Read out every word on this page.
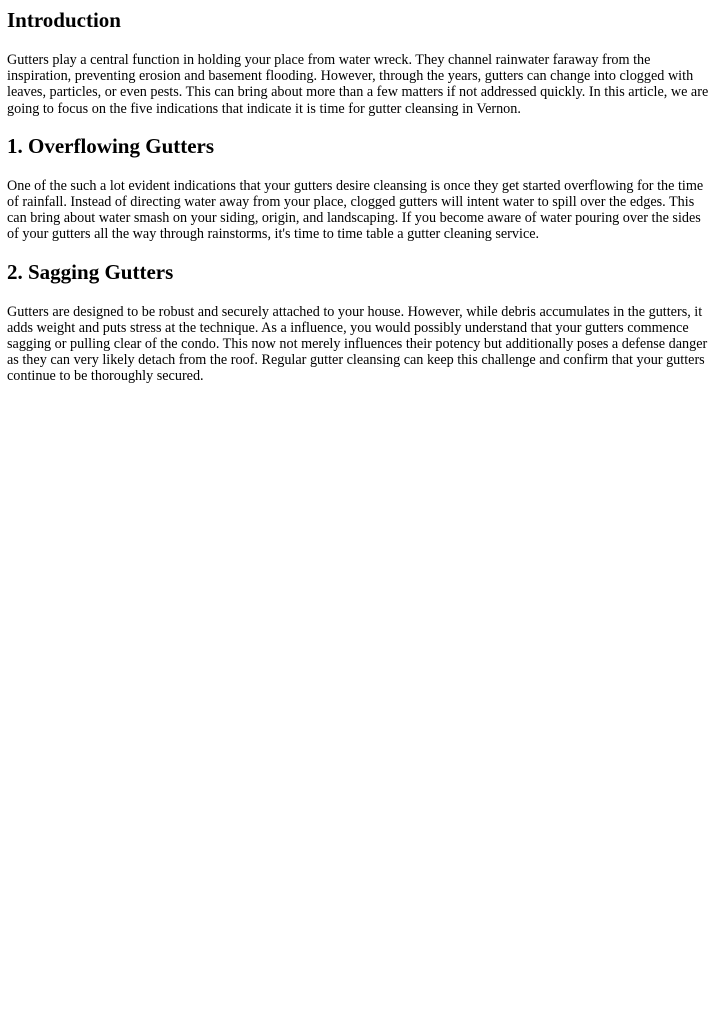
Introduction

Gutters play a central function in holding your place from water wreck. They channel rainwater faraway from the inspiration, preventing erosion and basement flooding. However, through the years, gutters can change into clogged with leaves, particles, or even pests. This can bring about more than a few matters if not addressed quickly. In this article, we are going to focus on the five indications that indicate it is time for gutter cleansing in Vernon.

1. Overflowing Gutters

One of the such a lot evident indications that your gutters desire cleansing is once they get started overflowing for the time of rainfall. Instead of directing water away from your place, clogged gutters will intent water to spill over the edges. This can bring about water smash on your siding, origin, and landscaping. If you become aware of water pouring over the sides of your gutters all the way through rainstorms, it's time to time table a gutter cleaning service.

2. Sagging Gutters

Gutters are designed to be robust and securely attached to your house. However, while debris accumulates in the gutters, it adds weight and puts stress at the technique. As a influence, you would possibly understand that your gutters commence sagging or pulling clear of the condo. This now not merely influences their potency but additionally poses a defense danger as they can very likely detach from the roof. Regular gutter cleansing can keep this challenge and confirm that your gutters continue to be thoroughly secured.
